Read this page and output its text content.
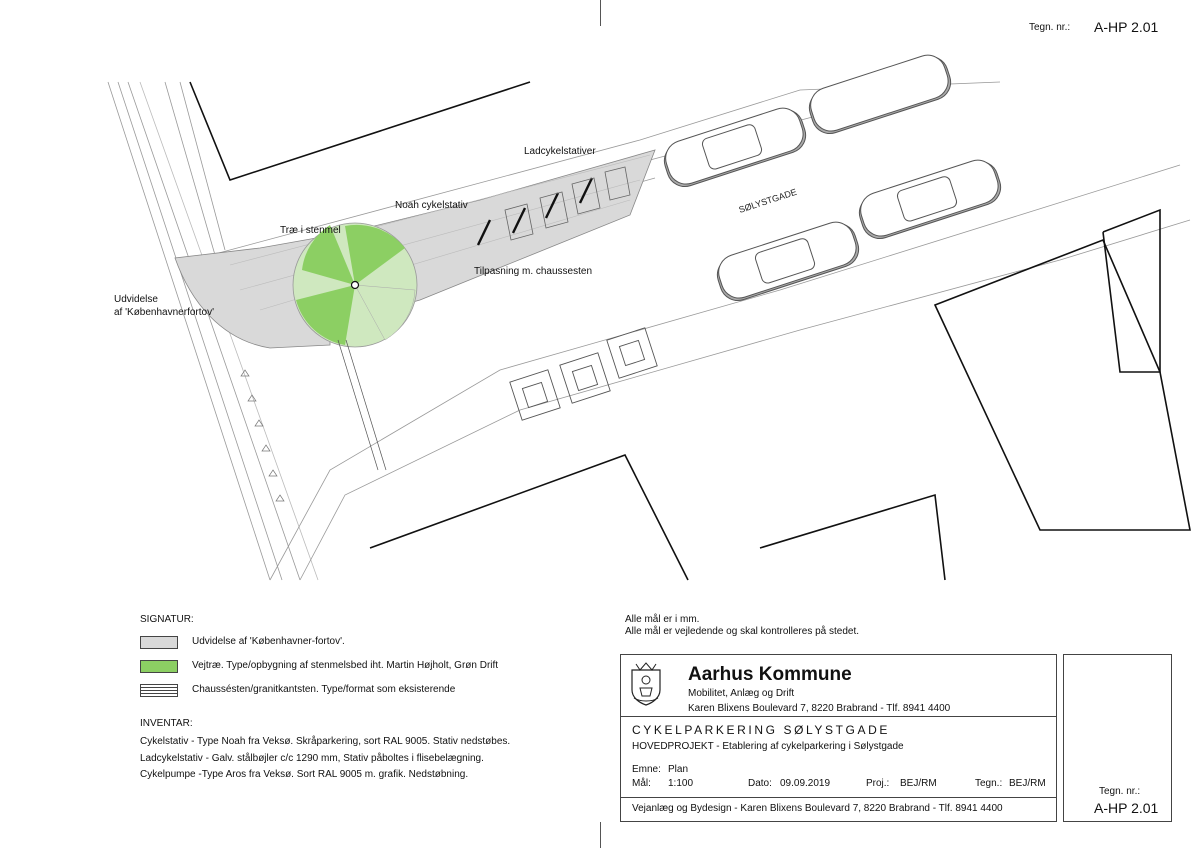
Tegn. nr.: A-HP 2.01
SØLYSTGADE
Ladcykelstativer
Noah cykelstativ
Træ i stenmel
Tilpasning m. chaussesten
Udvidelse
af 'Københavnerfortov'
SIGNATUR:
Udvidelse af 'Københavner-fortov'.
Vejtræ. Type/opbygning af stenmelsbed iht. Martin Højholt, Grøn Drift
Chaussésten/granitkantsten. Type/format som eksisterende
INVENTAR:
Cykelstativ - Type Noah fra Veksø. Skråparkering, sort RAL 9005. Stativ nedstøbes.
Ladcykelstativ - Galv. stålbøjler c/c 1290 mm, Stativ påboltes i flisebelægning.
Cykelpumpe -Type Aros fra Veksø. Sort RAL 9005 m. grafik. Nedstøbning.
Alle mål er i mm.
Alle mål er vejledende og skal kontrolleres på stedet.
Aarhus Kommune
Mobilitet, Anlæg og Drift
Karen Blixens Boulevard 7, 8220 Brabrand - Tlf. 8941 4400
CYKELPARKERING SØLYSTGADE
HOVEDPROJEKT - Etablering af cykelparkering i Sølystgade
Emne: Plan
Mål: 1:100	Dato: 09.09.2019	Proj.: BEJ/RM	Tegn.: BEJ/RM
Vejanlæg og Bydesign - Karen Blixens Boulevard 7, 8220 Brabrand - Tlf. 8941 4400
Tegn. nr.:
A-HP 2.01
